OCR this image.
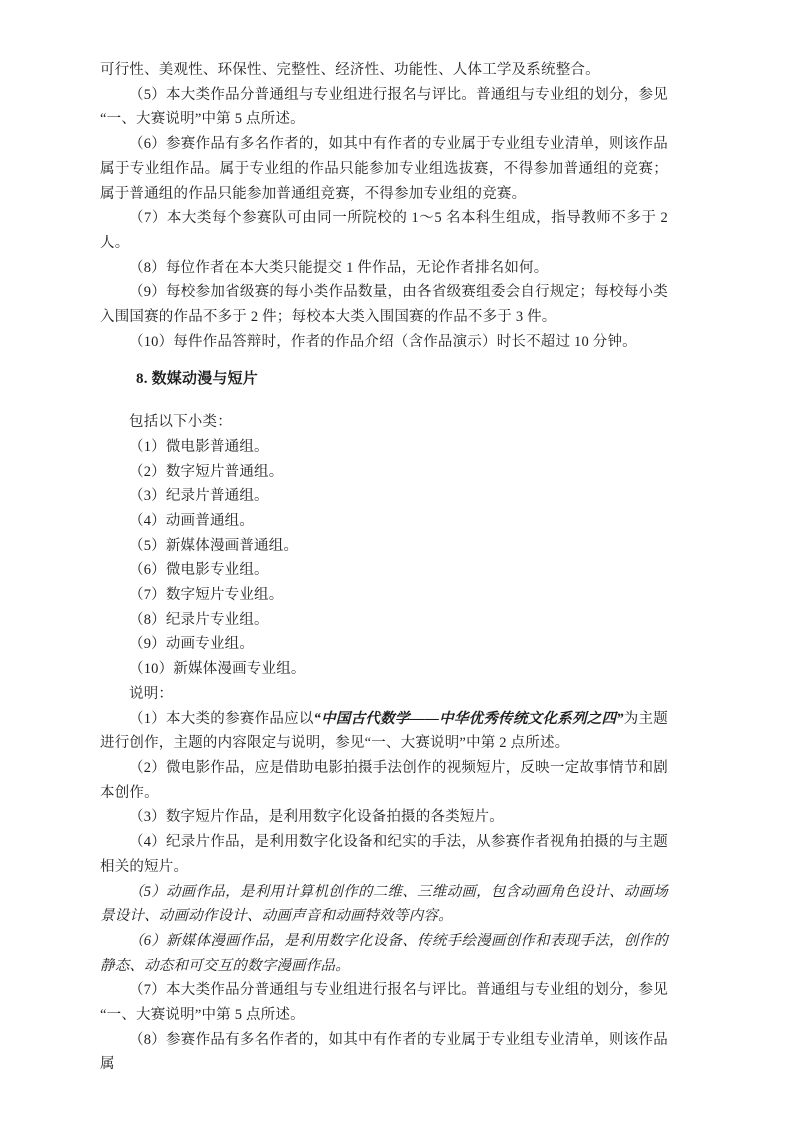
可行性、美观性、环保性、完整性、经济性、功能性、人体工学及系统整合。

（5）本大类作品分普通组与专业组进行报名与评比。普通组与专业组的划分，参见“一、大赛说明”中第 5 点所述。

（6）参赛作品有多名作者的，如其中有作者的专业属于专业组专业清单，则该作品属于专业组作品。属于专业组的作品只能参加专业组选拔赛，不得参加普通组的竞赛；属于普通组的作品只能参加普通组竞赛，不得参加专业组的竞赛。

（7）本大类每个参赛队可由同一所院校的 1～5 名本科生组成，指导教师不多于 2 人。

（8）每位作者在本大类只能提交 1 件作品，无论作者排名如何。

（9）每校参加省级赛的每小类作品数量，由各省级赛组委会自行规定；每校每小类入围国赛的作品不多于 2 件；每校本大类入围国赛的作品不多于 3 件。

（10）每件作品答辩时，作者的作品介绍（含作品演示）时长不超过 10 分钟。

8. 数媒动漫与短片

包括以下小类：

（1）微电影普通组。

（2）数字短片普通组。

（3）纪录片普通组。

（4）动画普通组。

（5）新媒体漫画普通组。

（6）微电影专业组。

（7）数字短片专业组。

（8）纪录片专业组。

（9）动画专业组。

（10）新媒体漫画专业组。

说明：

（1）本大类的参赛作品应以“中国古代数学——中华优秀传统文化系列之四”为主题进行创作，主题的内容限定与说明，参见“一、大赛说明”中第 2 点所述。

（2）微电影作品，应是借助电影拍摄手法创作的视频短片，反映一定故事情节和剧本创作。

（3）数字短片作品，是利用数字化设备拍摄的各类短片。

（4）纪录片作品，是利用数字化设备和纪实的手法，从参赛作者视角拍摄的与主题相关的短片。

（5）动画作品，是利用计算机创作的二维、三维动画，包含动画角色设计、动画场景设计、动画动作设计、动画声音和动画特效等内容。

（6）新媒体漫画作品，是利用数字化设备、传统手绘漫画创作和表现手法，创作的静态、动态和可交互的数字漫画作品。

（7）本大类作品分普通组与专业组进行报名与评比。普通组与专业组的划分，参见“一、大赛说明”中第 5 点所述。

（8）参赛作品有多名作者的，如其中有作者的专业属于专业组专业清单，则该作品属
